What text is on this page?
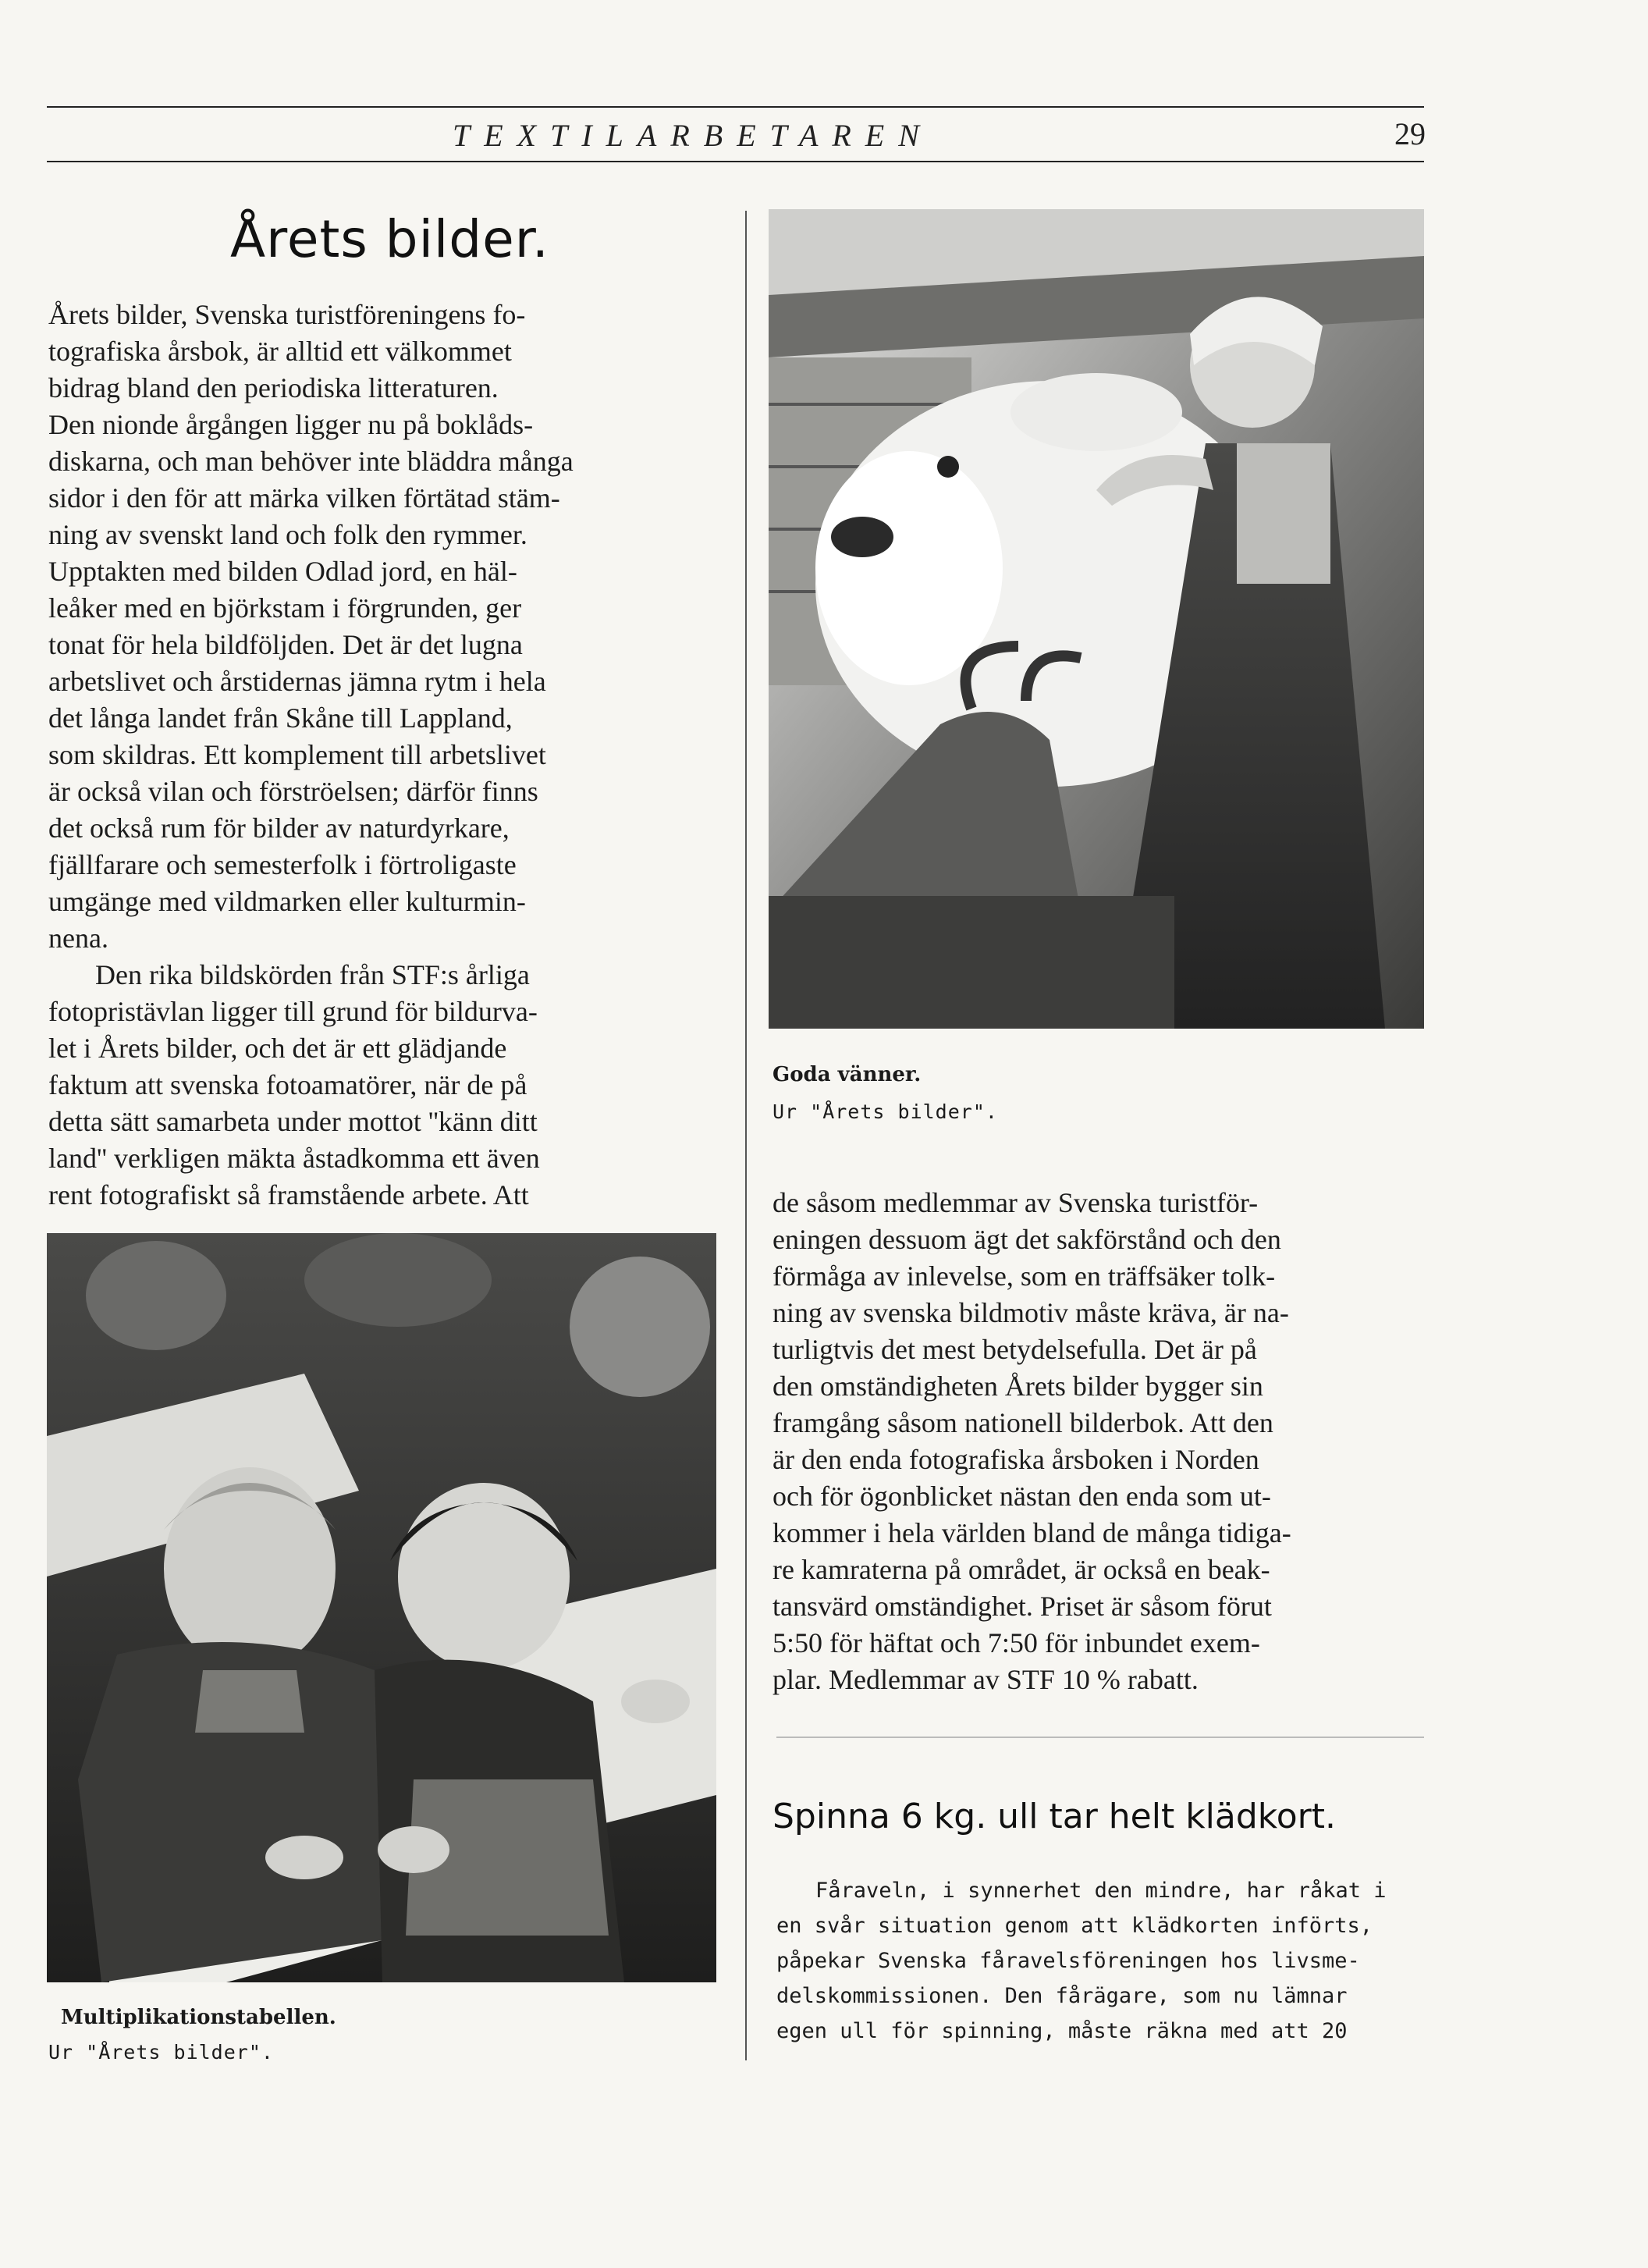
TEXTILARBETAREN	29
Årets bilder.
Årets bilder, Svenska turistföreningens fo-
tografiska årsbok, är alltid ett välkommet
bidrag bland den periodiska litteraturen.
Den nionde årgången ligger nu på boklåds-
diskarna, och man behöver inte bläddra många
sidor i den för att märka vilken förtätad stäm-
ning av svenskt land och folk den rymmer.
Upptakten med bilden Odlad jord, en häl-
leåker med en björkstam i förgrunden, ger
tonat för hela bildföljden. Det är det lugna
arbetslivet och årstidernas jämna rytm i hela
det långa landet från Skåne till Lappland,
som skildras. Ett komplement till arbetslivet
är också vilan och förströelsen; därför finns
det också rum för bilder av naturdyrkare,
fjällfarare och semesterfolk i förtroligaste
umgänge med vildmarken eller kulturmin-
nena.
Den rika bildskörden från STF:s årliga
fotopristävlan ligger till grund för bildurva-
let i Årets bilder, och det är ett glädjande
faktum att svenska fotoamatörer, när de på
detta sätt samarbeta under mottot ''känn ditt
land'' verkligen mäkta åstadkomma ett även
rent fotografiskt så framstående arbete. Att
Goda vänner.
Ur "Årets bilder".
Multiplikationstabellen.
Ur "Årets bilder".
de såsom medlemmar av Svenska turistför-
eningen dessuom ägt det sakförstånd och den
förmåga av inlevelse, som en träffsäker tolk-
ning av svenska bildmotiv måste kräva, är na-
turligtvis det mest betydelsefulla. Det är på
den omständigheten Årets bilder bygger sin
framgång såsom nationell bilderbok. Att den
är den enda fotografiska årsboken i Norden
och för ögonblicket nästan den enda som ut-
kommer i hela världen bland de många tidiga-
re kamraterna på området, är också en beak-
tansvärd omständighet. Priset är såsom förut
5:50 för häftat och 7:50 för inbundet exem-
plar. Medlemmar av STF 10 % rabatt.
Spinna 6 kg. ull tar helt klädkort.
Fåraveln, i synnerhet den mindre, har råkat i
en svår situation genom att klädkorten införts,
påpekar Svenska fåravelsföreningen hos livsme-
delskommissionen. Den fårägare, som nu lämnar
egen ull för spinning, måste räkna med att 20
